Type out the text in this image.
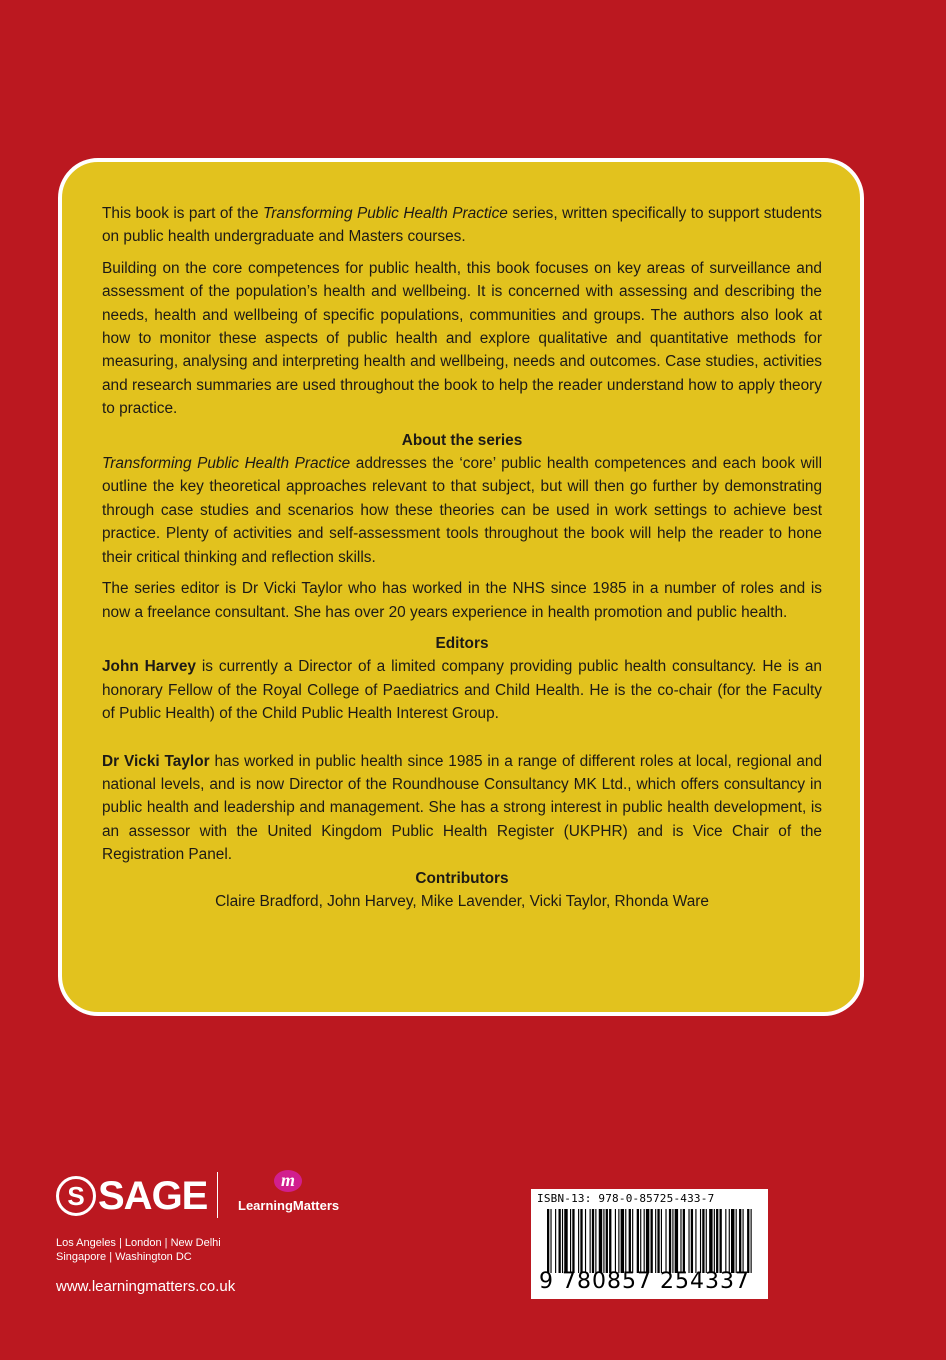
This book is part of the Transforming Public Health Practice series, written specifically to support students on public health undergraduate and Masters courses.

Building on the core competences for public health, this book focuses on key areas of surveillance and assessment of the population’s health and wellbeing. It is concerned with assessing and describing the needs, health and wellbeing of specific populations, communities and groups. The authors also look at how to monitor these aspects of public health and explore qualitative and quantitative methods for measuring, analysing and interpreting health and wellbeing, needs and outcomes. Case studies, activities and research summaries are used throughout the book to help the reader understand how to apply theory to practice.

About the series

Transforming Public Health Practice addresses the ‘core’ public health competences and each book will outline the key theoretical approaches relevant to that subject, but will then go further by demonstrating through case studies and scenarios how these theories can be used in work settings to achieve best practice. Plenty of activities and self-assessment tools throughout the book will help the reader to hone their critical thinking and reflection skills.

The series editor is Dr Vicki Taylor who has worked in the NHS since 1985 in a number of roles and is now a freelance consultant. She has over 20 years experience in health promotion and public health.

Editors

John Harvey is currently a Director of a limited company providing public health consultancy. He is an honorary Fellow of the Royal College of Paediatrics and Child Health. He is the co-chair (for the Faculty of Public Health) of the Child Public Health Interest Group.

Dr Vicki Taylor has worked in public health since 1985 in a range of different roles at local, regional and national levels, and is now Director of the Roundhouse Consultancy MK Ltd., which offers consultancy in public health and leadership and management. She has a strong interest in public health development, is an assessor with the United Kingdom Public Health Register (UKPHR) and is Vice Chair of the Registration Panel.

Contributors
Claire Bradford, John Harvey, Mike Lavender, Vicki Taylor, Rhonda Ware
S SAGE	m
LearningMatters
Los Angeles | London | New Delhi
Singapore | Washington DC
www.learningmatters.co.uk
ISBN-13: 978-0-85725-433-7
9 780857 254337
